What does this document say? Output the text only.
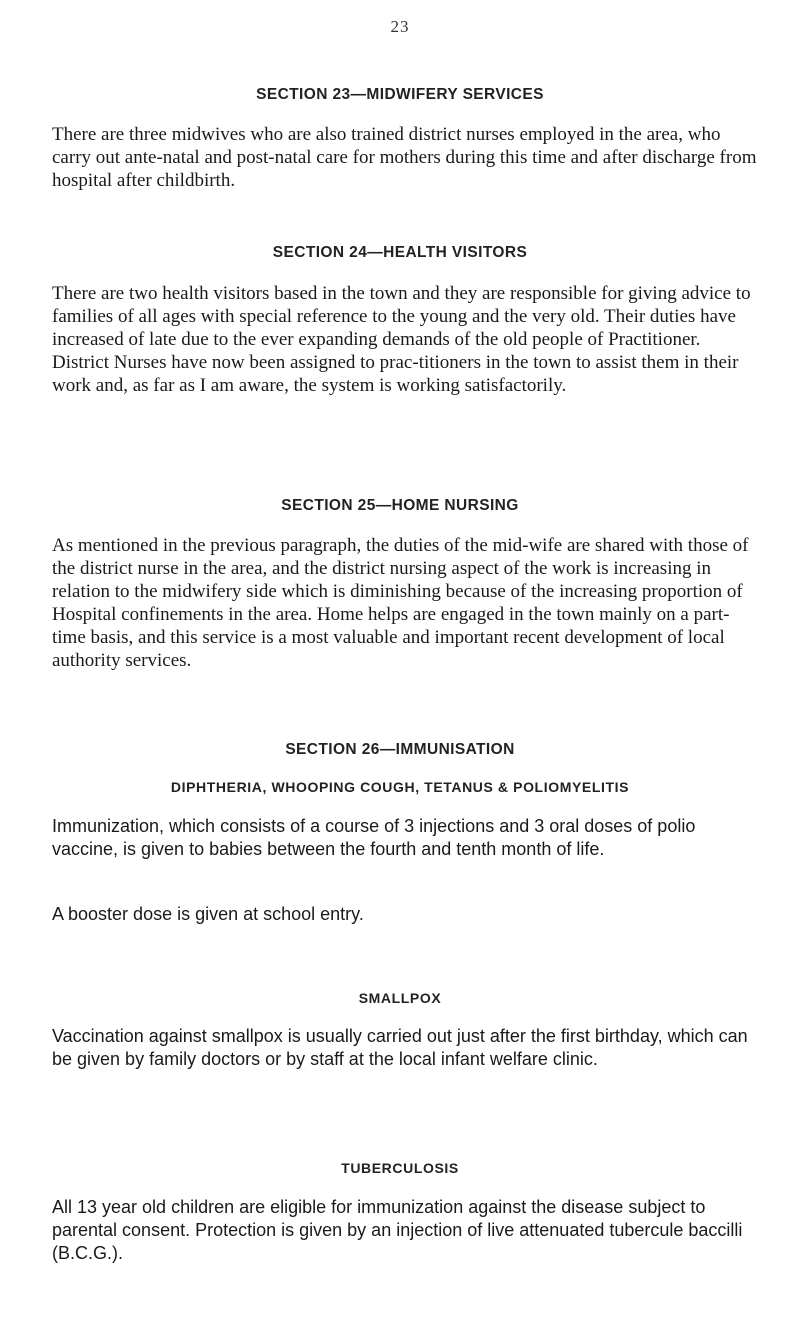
23
SECTION 23—MIDWIFERY SERVICES

There are three midwives who are also trained district nurses employed in the area, who carry out ante-natal and post-natal care for mothers during this time and after discharge from hospital after childbirth.

SECTION 24—HEALTH VISITORS

There are two health visitors based in the town and they are responsible for giving advice to families of all ages with special reference to the young and the very old. Their duties have increased of late due to the ever expanding demands of the old people of Practitioner. District Nurses have now been assigned to prac-titioners in the town to assist them in their work and, as far as I am aware, the system is working satisfactorily.

SECTION 25—HOME NURSING

As mentioned in the previous paragraph, the duties of the mid-wife are shared with those of the district nurse in the area, and the district nursing aspect of the work is increasing in relation to the midwifery side which is diminishing because of the increasing proportion of Hospital confinements in the area. Home helps are engaged in the town mainly on a part-time basis, and this service is a most valuable and important recent development of local authority services.

SECTION 26—IMMUNISATION
DIPHTHERIA, WHOOPING COUGH, TETANUS & POLIOMYELITIS

Immunization, which consists of a course of 3 injections and 3 oral doses of polio vaccine, is given to babies between the fourth and tenth month of life.

A booster dose is given at school entry.

SMALLPOX

Vaccination against smallpox is usually carried out just after the first birthday, which can be given by family doctors or by staff at the local infant welfare clinic.

TUBERCULOSIS

All 13 year old children are eligible for immunization against the disease subject to parental consent. Protection is given by an injection of live attenuated tubercule baccilli (B.C.G.).
